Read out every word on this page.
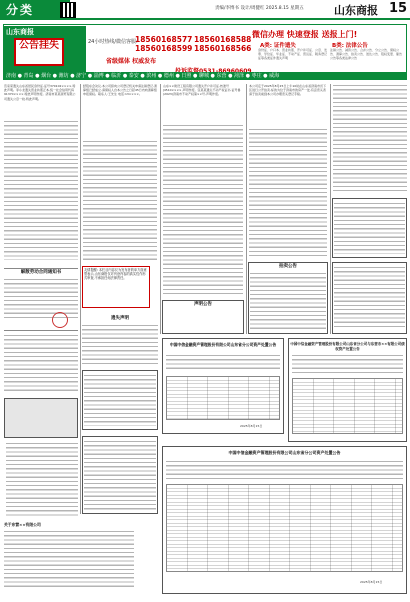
分类	责编/李博书 设计/周健红 2025.8.15 星期五	山东商报 15
山东商报
公告挂失	24小时热线/微信客服:
18560168577
18560168599
18560168588
18560168566
省级媒体 权威发布
微信办理 快速登报 送报上门!
A类: 证件遗失	B类: 法律公告
身份证、户口本、营业执照、开户许可证、公章、发票、学位证、毕业证、不动产证、营运证、税务登记证等各类证件遗失声明
注销公告、减资公告、合并公告、分立公告、债权公告、清算公告、拍卖公告、送达公告、股权变更、催告公告等各类法律公告
济南 ● 青岛 ● 烟台 ● 潍坊 ● 济宁 ● 淄博 ● 临沂 ● 泰安 ● 滨州 ● 德州 ● 日照 ● 聊城 ● 东营 ● 菏泽 ● 枣庄 ● 威海
范家荣遗失山东省居民身份证,证号370102××××,特此声明。李小龙遗失营业执照正本,统一社会信用代码91370××××,特此声明作废。济南市某某商贸有限公司遗失公章一枚,特此声明。
解散劳动合同通知书
关于东营××有限公司
经股东会决议,本公司拟向公司登记机关申请注销登记,清算组已经成立,请债权人自本公告之日起45日内向清算组申报债权。联系人:王先生 电话:13××××。
友情提醒: 本栏目内容仅为发布者的单方面意思表示,山东商报仅对刊登内容的真实性作形式审查,不承担任何法律责任。
遗失声明
山东××建设工程有限公司遗失开户许可证,核准号J4510××××,声明作废。张某某遗失不动产权证书,证号鲁(2023)济南市不动产权第××号,声明作废。
声明公告
本公司定于2025年8月25日上午10时在山东省济南市历下区进行公开拍卖,标的为位于济南市的房产一处,有意竞买者请于拍卖前到本公司办理竞买登记手续。
拍卖公告
中国中信金融资产管理股份有限公司山东省分公司资产处置公告
2025年8月15日
中国中信金融资产管理股份有限公司山东省分公司与东营市××有限公司债权资产处置公告
中国中信金融资产管理股份有限公司山东省分公司资产处置公告
2025年8月15日
